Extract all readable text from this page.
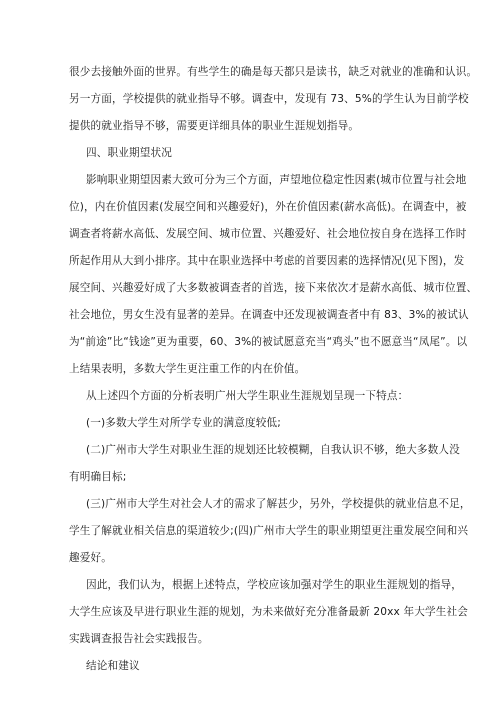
很少去接触外面的世界。有些学生的确是每天都只是读书，缺乏对就业的准确和认识。
另一方面，学校提供的就业指导不够。调查中，发现有 73、5%的学生认为目前学校
提供的就业指导不够，需要更详细具体的职业生涯规划指导。
四、职业期望状况
影响职业期望因素大致可分为三个方面，声望地位稳定性因素(城市位置与社会地
位)，内在价值因素(发展空间和兴趣爱好)，外在价值因素(薪水高低)。在调查中，被
调查者将薪水高低、发展空间、城市位置、兴趣爱好、社会地位按自身在选择工作时
所起作用从大到小排序。其中在职业选择中考虑的首要因素的选择情况(见下图)，发
展空间、兴趣爱好成了大多数被调查者的首选，接下来依次才是薪水高低、城市位置、
社会地位，男女生没有显著的差异。在调查中还发现被调查者中有 83、3%的被试认
为“前途”比“钱途”更为重要，60、3%的被试愿意充当“鸡头”也不愿意当“凤尾”。以
上结果表明，多数大学生更注重工作的内在价值。
从上述四个方面的分析表明广州大学生职业生涯规划呈现一下特点：
(一)多数大学生对所学专业的满意度较低;
(二)广州市大学生对职业生涯的规划还比较模糊，自我认识不够，绝大多数人没
有明确目标;
(三)广州市大学生对社会人才的需求了解甚少，另外，学校提供的就业信息不足，
学生了解就业相关信息的渠道较少;(四)广州市大学生的职业期望更注重发展空间和兴
趣爱好。
因此，我们认为，根据上述特点，学校应该加强对学生的职业生涯规划的指导，
大学生应该及早进行职业生涯的规划，为未来做好充分准备最新 20xx 年大学生社会
实践调查报告社会实践报告。
结论和建议
